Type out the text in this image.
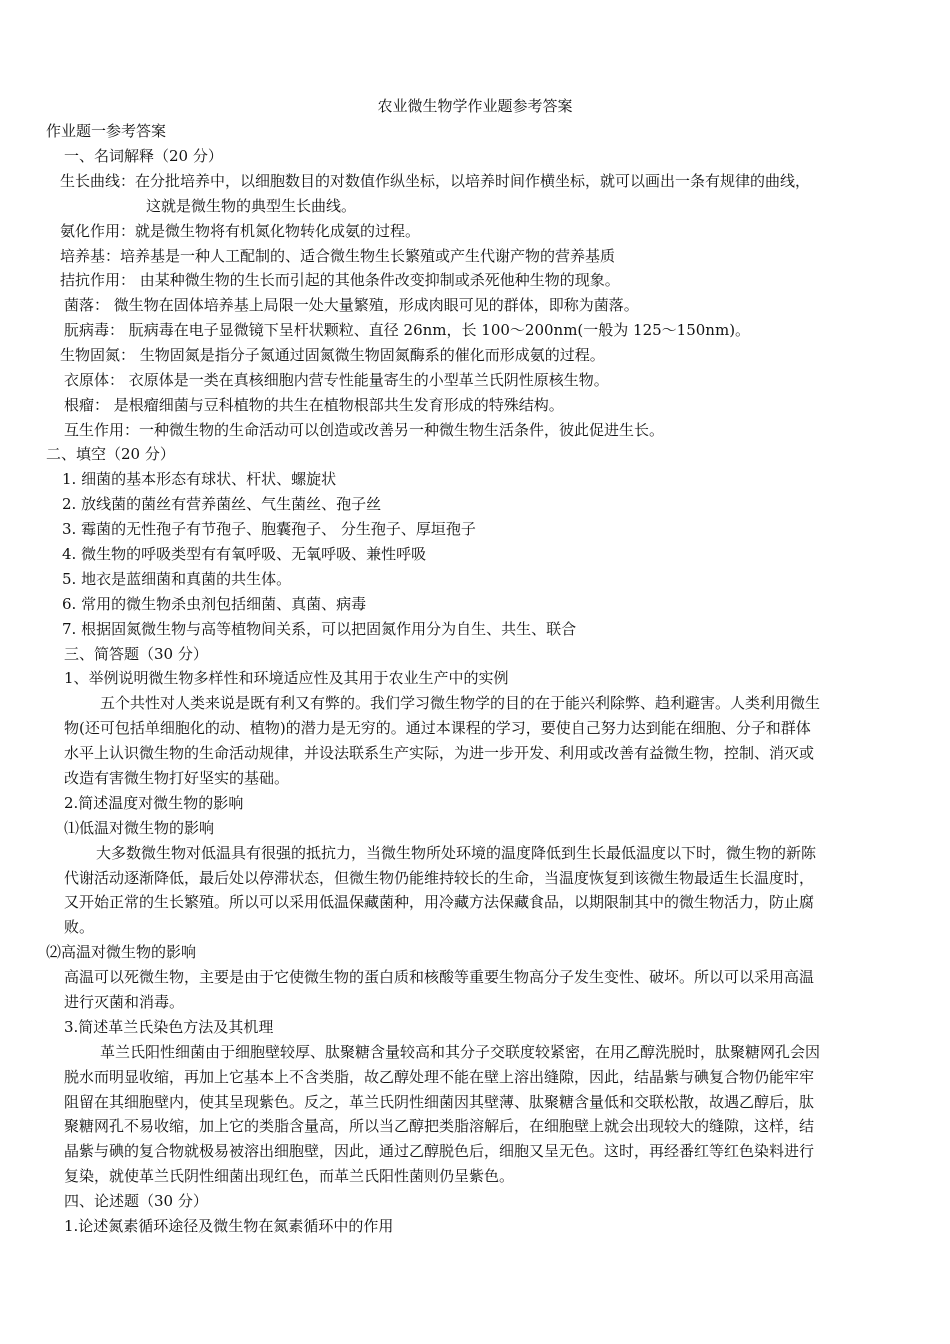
农业微生物学作业题参考答案
作业题一参考答案
一、名词解释（20 分）
生长曲线：在分批培养中，以细胞数目的对数值作纵坐标，以培养时间作横坐标，就可以画出一条有规律的曲线，
这就是微生物的典型生长曲线。
氨化作用：就是微生物将有机氮化物转化成氨的过程。
培养基：培养基是一种人工配制的、适合微生物生长繁殖或产生代谢产物的营养基质
拮抗作用： 由某种微生物的生长而引起的其他条件改变抑制或杀死他种生物的现象。
菌落： 微生物在固体培养基上局限一处大量繁殖，形成肉眼可见的群体，即称为菌落。
朊病毒： 朊病毒在电子显微镜下呈杆状颗粒、直径 26nm，长 100～200nm(一般为 125～150nm)。
生物固氮： 生物固氮是指分子氮通过固氮微生物固氮酶系的催化而形成氨的过程。
衣原体： 衣原体是一类在真核细胞内营专性能量寄生的小型革兰氏阴性原核生物。
根瘤： 是根瘤细菌与豆科植物的共生在植物根部共生发育形成的特殊结构。
互生作用：一种微生物的生命活动可以创造或改善另一种微生物生活条件，彼此促进生长。
二、填空（20 分）
1. 细菌的基本形态有球状、杆状、螺旋状
2. 放线菌的菌丝有营养菌丝、气生菌丝、孢子丝
3. 霉菌的无性孢子有节孢子、胞囊孢子、 分生孢子、厚垣孢子
4. 微生物的呼吸类型有有氧呼吸、无氧呼吸、兼性呼吸
5. 地衣是蓝细菌和真菌的共生体。
6. 常用的微生物杀虫剂包括细菌、真菌、病毒
7. 根据固氮微生物与高等植物间关系，可以把固氮作用分为自生、共生、联合
三、简答题（30 分）
1、举例说明微生物多样性和环境适应性及其用于农业生产中的实例
五个共性对人类来说是既有利又有弊的。我们学习微生物学的目的在于能兴利除弊、趋利避害。人类利用微生
物(还可包括单细胞化的动、植物)的潜力是无穷的。通过本课程的学习，要使自己努力达到能在细胞、分子和群体
水平上认识微生物的生命活动规律，并设法联系生产实际，为进一步开发、利用或改善有益微生物，控制、消灭或
改造有害微生物打好坚实的基础。
2.简述温度对微生物的影响
⑴低温对微生物的影响
大多数微生物对低温具有很强的抵抗力，当微生物所处环境的温度降低到生长最低温度以下时，微生物的新陈
代谢活动逐渐降低，最后处以停滞状态，但微生物仍能维持较长的生命，当温度恢复到该微生物最适生长温度时，
又开始正常的生长繁殖。所以可以采用低温保藏菌种，用冷藏方法保藏食品，以期限制其中的微生物活力，防止腐
败。
⑵高温对微生物的影响
高温可以死微生物，主要是由于它使微生物的蛋白质和核酸等重要生物高分子发生变性、破坏。所以可以采用高温
进行灭菌和消毒。
3.简述革兰氏染色方法及其机理
革兰氏阳性细菌由于细胞壁较厚、肽聚糖含量较高和其分子交联度较紧密，在用乙醇洗脱时，肽聚糖网孔会因
脱水而明显收缩，再加上它基本上不含类脂，故乙醇处理不能在壁上溶出缝隙，因此，结晶紫与碘复合物仍能牢牢
阻留在其细胞壁内，使其呈现紫色。反之，革兰氏阴性细菌因其壁薄、肽聚糖含量低和交联松散，故遇乙醇后，肽
聚糖网孔不易收缩，加上它的类脂含量高，所以当乙醇把类脂溶解后，在细胞壁上就会出现较大的缝隙，这样，结
晶紫与碘的复合物就极易被溶出细胞壁，因此，通过乙醇脱色后，细胞又呈无色。这时，再经番红等红色染料进行
复染，就使革兰氏阴性细菌出现红色，而革兰氏阳性菌则仍呈紫色。
四、论述题（30 分）
1.论述氮素循环途径及微生物在氮素循环中的作用
